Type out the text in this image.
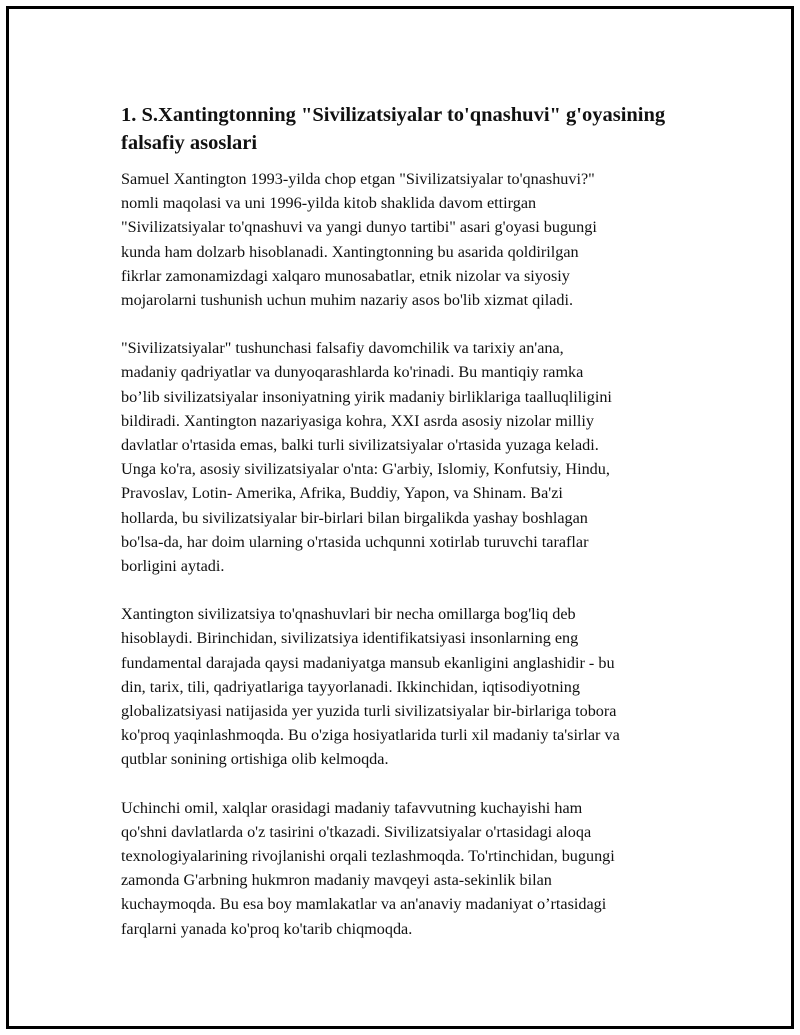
1. S.Xantingtonning "Sivilizatsiyalar to'qnashuvi" g'oyasining
falsafiy asoslari

Samuel Xantington 1993-yilda chop etgan "Sivilizatsiyalar to'qnashuvi?"
nomli maqolasi va uni 1996-yilda kitob shaklida davom ettirgan
"Sivilizatsiyalar to'qnashuvi va yangi dunyo tartibi" asari g'oyasi bugungi
kunda ham dolzarb hisoblanadi. Xantingtonning bu asarida qoldirilgan
fikrlar zamonamizdagi xalqaro munosabatlar, etnik nizolar va siyosiy
mojarolarni tushunish uchun muhim nazariy asos bo'lib xizmat qiladi.

"Sivilizatsiyalar" tushunchasi falsafiy davomchilik va tarixiy an'ana,
madaniy qadriyatlar va dunyoqarashlarda ko'rinadi. Bu mantiqiy ramka
bo’lib sivilizatsiyalar insoniyatning yirik madaniy birliklariga taalluqliligini
bildiradi. Xantington nazariyasiga kohra, XXI asrda asosiy nizolar milliy
davlatlar o'rtasida emas, balki turli sivilizatsiyalar o'rtasida yuzaga keladi.
Unga ko'ra, asosiy sivilizatsiyalar o'nta: G'arbiy, Islomiy, Konfutsiy, Hindu,
Pravoslav, Lotin- Amerika, Afrika, Buddiy, Yapon, va Shinam. Ba'zi
hollarda, bu sivilizatsiyalar bir-birlari bilan birgalikda yashay boshlagan
bo'lsa-da, har doim ularning o'rtasida uchqunni xotirlab turuvchi taraflar
borligini aytadi.

Xantington sivilizatsiya to'qnashuvlari bir necha omillarga bog'liq deb
hisoblaydi. Birinchidan, sivilizatsiya identifikatsiyasi insonlarning eng
fundamental darajada qaysi madaniyatga mansub ekanligini anglashidir - bu
din, tarix, tili, qadriyatlariga tayyorlanadi. Ikkinchidan, iqtisodiyotning
globalizatsiyasi natijasida yer yuzida turli sivilizatsiyalar bir-birlariga tobora
ko'proq yaqinlashmoqda. Bu o'ziga hosiyatlarida turli xil madaniy ta'sirlar va
qutblar sonining ortishiga olib kelmoqda.

Uchinchi omil, xalqlar orasidagi madaniy tafavvutning kuchayishi ham
qo'shni davlatlarda o'z tasirini o'tkazadi. Sivilizatsiyalar o'rtasidagi aloqa
texnologiyalarining rivojlanishi orqali tezlashmoqda. To'rtinchidan, bugungi
zamonda G'arbning hukmron madaniy mavqeyi asta-sekinlik bilan
kuchaymoqda. Bu esa boy mamlakatlar va an'anaviy madaniyat o’rtasidagi
farqlarni yanada ko'proq ko'tarib chiqmoqda.
